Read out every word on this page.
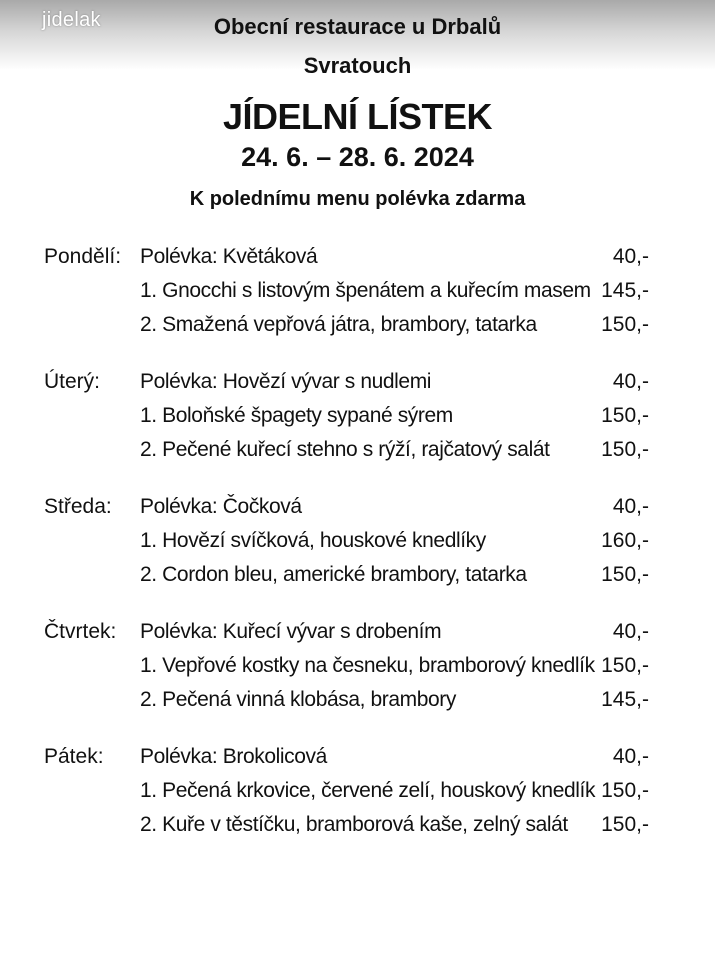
jidelak	Obecní restaurace u Drbalů
Svratouch
JÍDELNÍ LÍSTEK
24. 6. – 28. 6. 2024
K polednímu menu polévka zdarma
Pondělí: Polévka: Květáková	40,-
1. Gnocchi s listovým špenátem a kuřecím masem 145,-
2. Smažená vepřová játra, brambory, tatarka	150,-
Úterý: Polévka: Hovězí vývar s nudlemi	40,-
1. Boloňské špagety sypané sýrem	150,-
2. Pečené kuřecí stehno s rýží, rajčatový salát 150,-
Středa: Polévka: Čočková	40,-
1. Hovězí svíčková, houskové knedlíky	160,-
2. Cordon bleu, americké brambory, tatarka	150,-
Čtvrtek: Polévka: Kuřecí vývar s drobením	40,-
1. Vepřové kostky na česneku, bramborový knedlík 150,-
2. Pečená vinná klobása, brambory	145,-
Pátek: Polévka: Brokolicová	40,-
1. Pečená krkovice, červené zelí, houskový knedlík 150,-
2. Kuře v těstíčku, bramborová kaše, zelný salát 150,-
